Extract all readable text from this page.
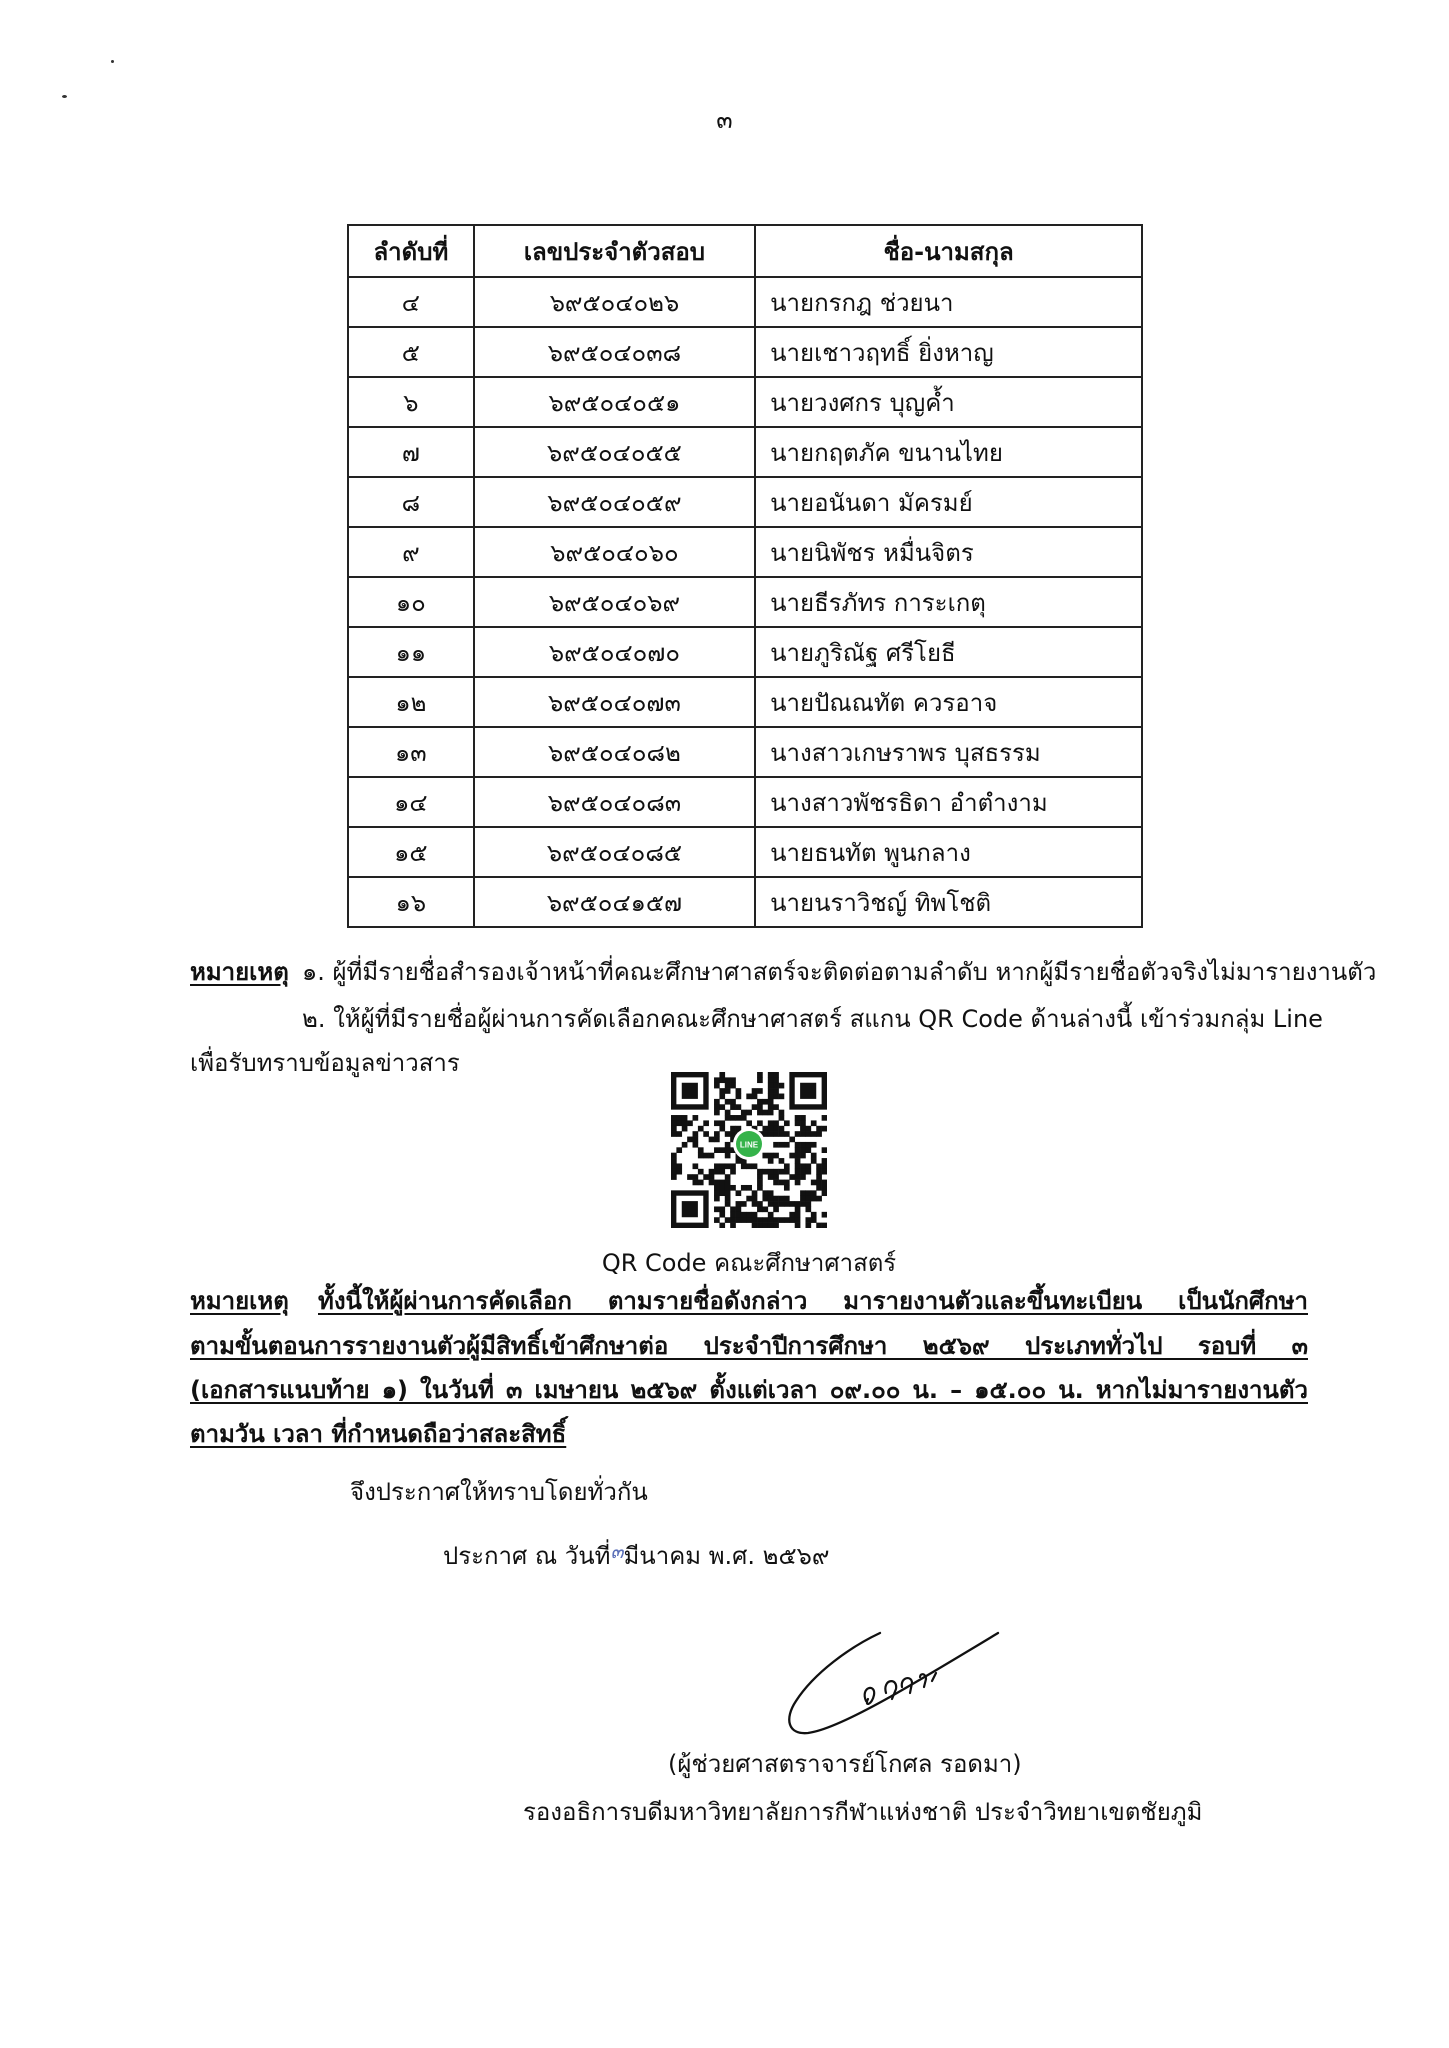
๓
ลำดับที่	เลขประจำตัวสอบ	ชื่อ-นามสกุล
๔	๖๙๕๐๔๐๒๖	นายกรกฎ ช่วยนา
๕	๖๙๕๐๔๐๓๘	นายเชาวฤทธิ์ ยิ่งหาญ
๖	๖๙๕๐๔๐๕๑	นายวงศกร บุญค้ำ
๗	๖๙๕๐๔๐๕๕	นายกฤตภัค ขนานไทย
๘	๖๙๕๐๔๐๕๙	นายอนันดา มัครมย์
๙	๖๙๕๐๔๐๖๐	นายนิพัชร หมื่นจิตร
๑๐	๖๙๕๐๔๐๖๙	นายธีรภัทร การะเกตุ
๑๑	๖๙๕๐๔๐๗๐	นายภูริณัฐ ศรีโยธี
๑๒	๖๙๕๐๔๐๗๓	นายปัณณทัต ควรอาจ
๑๓	๖๙๕๐๔๐๘๒	นางสาวเกษราพร บุสธรรม
๑๔	๖๙๕๐๔๐๘๓	นางสาวพัชรธิดา อำตำงาม
๑๕	๖๙๕๐๔๐๘๕	นายธนทัต พูนกลาง
๑๖	๖๙๕๐๔๑๕๗	นายนราวิชญ์ ทิพโชติ
หมายเหตุ ๑. ผู้ที่มีรายชื่อสำรองเจ้าหน้าที่คณะศึกษาศาสตร์จะติดต่อตามลำดับ หากผู้มีรายชื่อตัวจริงไม่มารายงานตัว
๒. ให้ผู้ที่มีรายชื่อผู้ผ่านการคัดเลือกคณะศึกษาศาสตร์ สแกน QR Code ด้านล่างนี้ เข้าร่วมกลุ่ม Line
เพื่อรับทราบข้อมูลข่าวสาร
LINE
QR Code คณะศึกษาศาสตร์
หมายเหตุ ทั้งนี้ให้ผู้ผ่านการคัดเลือก ตามรายชื่อดังกล่าว มารายงานตัวและขึ้นทะเบียน เป็นนักศึกษา
ตามขั้นตอนการรายงานตัวผู้มีสิทธิ์เข้าศึกษาต่อ ประจำปีการศึกษา ๒๕๖๙ ประเภททั่วไป รอบที่ ๓
(เอกสารแนบท้าย ๑) ในวันที่ ๓ เมษายน ๒๕๖๙ ตั้งแต่เวลา ๐๙.๐๐ น. – ๑๕.๐๐ น. หากไม่มารายงานตัว
ตามวัน เวลา ที่กำหนดถือว่าสละสิทธิ์
จึงประกาศให้ทราบโดยทั่วกัน
ประกาศ ณ วันที่$^๓$มีนาคม พ.ศ. ๒๕๖๙
(ผู้ช่วยศาสตราจารย์โกศล รอดมา)
รองอธิการบดีมหาวิทยาลัยการกีฬาแห่งชาติ ประจำวิทยาเขตชัยภูมิ
